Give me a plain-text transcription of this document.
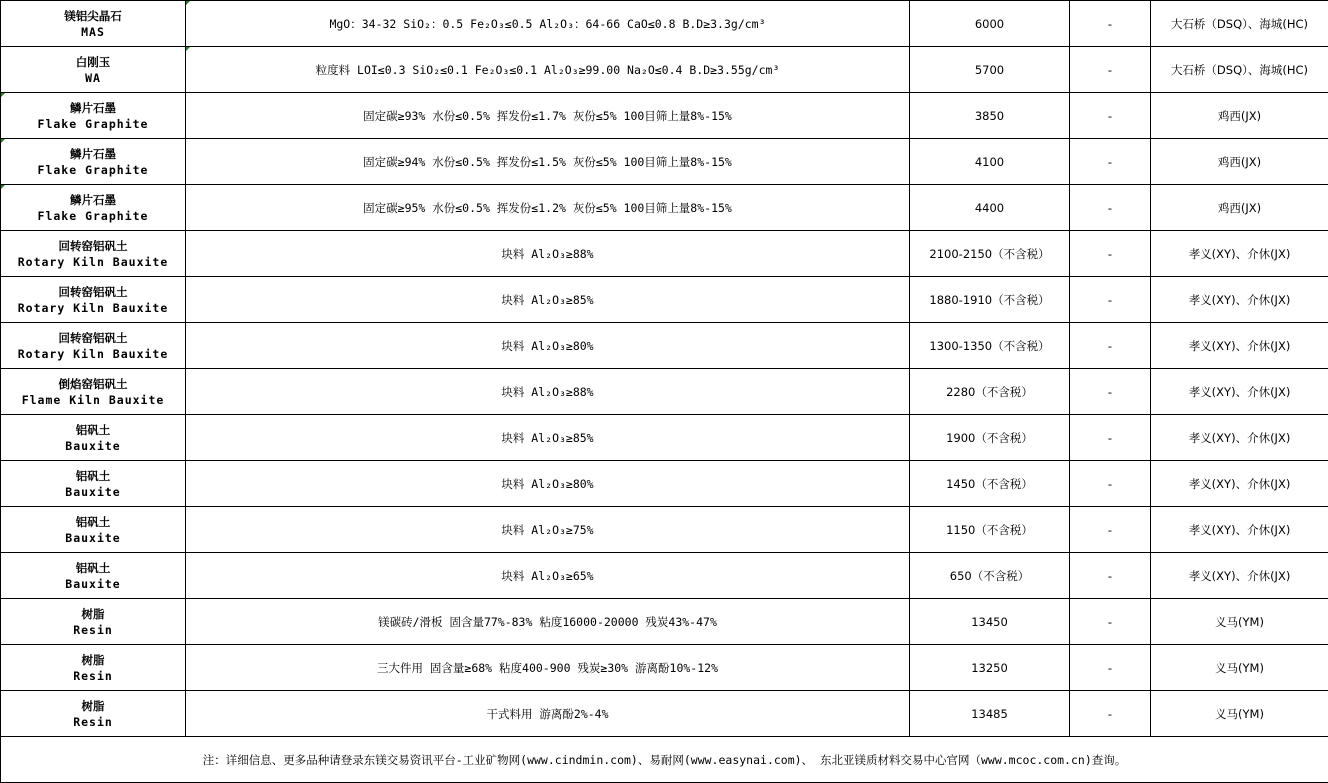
镁铝尖晶石
MAS	MgO：34-32 SiO₂：0.5 Fe₂O₃≤0.5 Al₂O₃：64-66 CaO≤0.8 B.D≥3.3g/cm³	6000	-	大石桥（DSQ）、海城(HC)

白刚玉
WA	粒度料 LOI≤0.3 SiO₂≤0.1 Fe₂O₃≤0.1 Al₂O₃≥99.00 Na₂O≤0.4 B.D≥3.55g/cm³	5700	-	大石桥（DSQ）、海城(HC)

鳞片石墨
Flake Graphite	固定碳≥93% 水份≤0.5% 挥发份≤1.7% 灰份≤5% 100目筛上量8%-15%	3850	-	鸡西(JX)

鳞片石墨
Flake Graphite	固定碳≥94% 水份≤0.5% 挥发份≤1.5% 灰份≤5% 100目筛上量8%-15%	4100	-	鸡西(JX)

鳞片石墨
Flake Graphite	固定碳≥95% 水份≤0.5% 挥发份≤1.2% 灰份≤5% 100目筛上量8%-15%	4400	-	鸡西(JX)

回转窑铝矾土
Rotary Kiln Bauxite	块料 Al₂O₃≥88%	2100-2150（不含税）	-	孝义(XY)、介休(JX)

回转窑铝矾土
Rotary Kiln Bauxite	块料 Al₂O₃≥85%	1880-1910（不含税）	-	孝义(XY)、介休(JX)

回转窑铝矾土
Rotary Kiln Bauxite	块料 Al₂O₃≥80%	1300-1350（不含税）	-	孝义(XY)、介休(JX)

倒焰窑铝矾土
Flame Kiln Bauxite	块料 Al₂O₃≥88%	2280（不含税）	-	孝义(XY)、介休(JX)

铝矾土
Bauxite	块料 Al₂O₃≥85%	1900（不含税）	-	孝义(XY)、介休(JX)

铝矾土
Bauxite	块料 Al₂O₃≥80%	1450（不含税）	-	孝义(XY)、介休(JX)

铝矾土
Bauxite	块料 Al₂O₃≥75%	1150（不含税）	-	孝义(XY)、介休(JX)

铝矾土
Bauxite	块料 Al₂O₃≥65%	650（不含税）	-	孝义(XY)、介休(JX)

树脂
Resin	镁碳砖/滑板 固含量77%-83% 粘度16000-20000 残炭43%-47%	13450	-	义马(YM)

树脂
Resin	三大件用 固含量≥68% 粘度400-900 残炭≥30% 游离酚10%-12%	13250	-	义马(YM)

树脂
Resin	干式料用 游离酚2%-4%	13485	-	义马(YM)
注：详细信息、更多品种请登录东镁交易资讯平台-工业矿物网(www.cindmin.com)、易耐网(www.easynai.com)、 东北亚镁质材料交易中心官网（www.mcoc.com.cn)查询。				
